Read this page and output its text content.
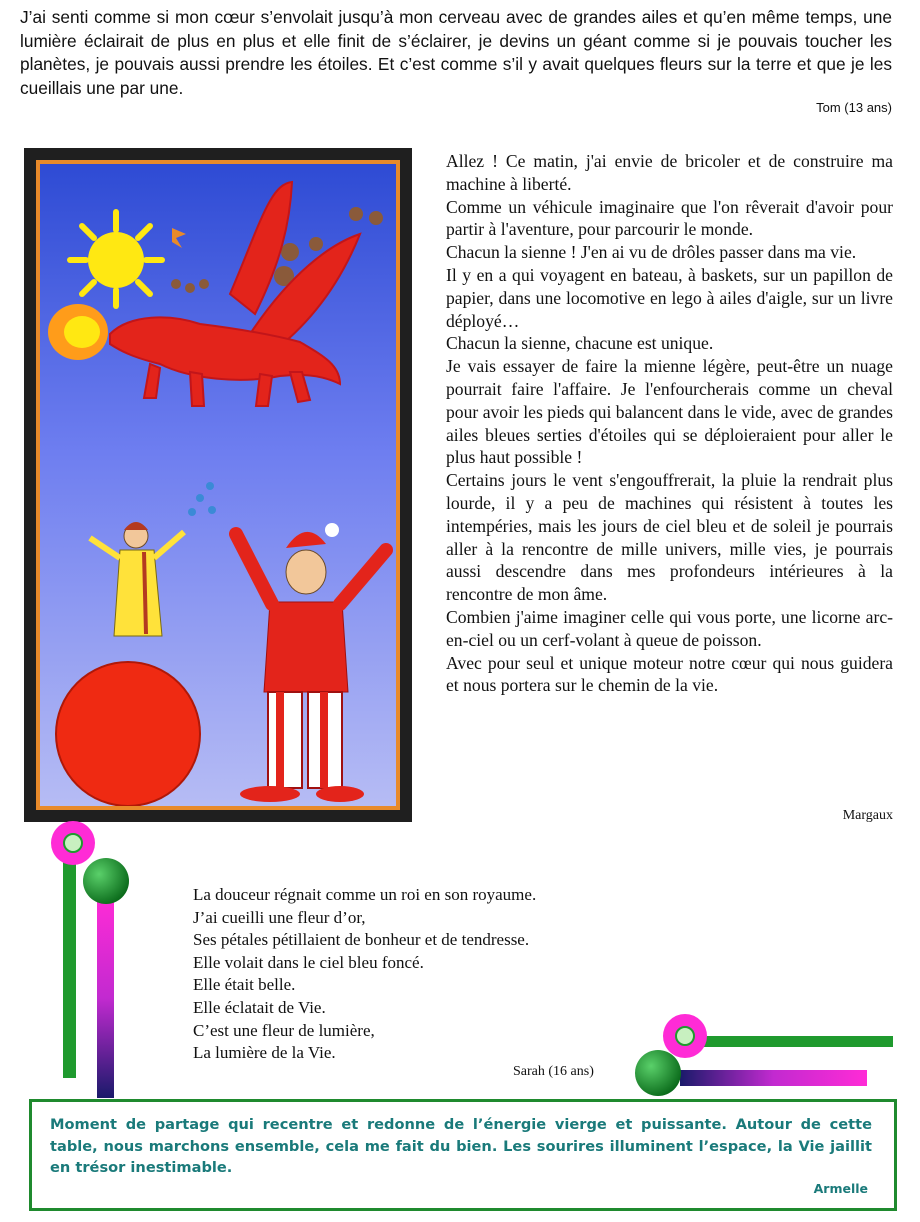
J’ai senti comme si mon cœur s’envolait jusqu’à mon cerveau avec de grandes ailes et qu’en même temps, une lumière éclairait de plus en plus et elle finit de s’éclairer, je devins un géant comme si je pouvais toucher les planètes, je pouvais aussi prendre les étoiles. Et c’est comme s’il y avait quelques fleurs sur la terre et que je les cueillais une par une.
Tom (13 ans)

Allez ! Ce matin, j'ai envie de bricoler et de construire ma machine à liberté.

Comme un véhicule imaginaire que l'on rêverait d'avoir pour partir à l'aventure, pour parcourir le monde.

Chacun la sienne ! J'en ai vu de drôles passer dans ma vie.

Il y en a qui voyagent en bateau, à baskets, sur un papillon de papier, dans une locomotive en lego à ailes d'aigle, sur un livre déployé…

Chacun la sienne, chacune est unique.

Je vais essayer de faire la mienne légère, peut-être un nuage pourrait faire l'affaire. Je l'enfourcherais comme un cheval pour avoir les pieds qui balancent dans le vide, avec de grandes ailes bleues serties d'étoiles qui se déploieraient pour aller le plus haut possible !

Certains jours le vent s'engouffrerait, la pluie la rendrait plus lourde, il y a peu de machines qui résistent à toutes les intempéries, mais les jours de ciel bleu et de soleil je pourrais aller à la rencontre de mille univers, mille vies, je pourrais aussi descendre dans mes profondeurs intérieures à la rencontre de mon âme.

Combien j'aime imaginer celle qui vous porte, une licorne arc-en-ciel ou un cerf-volant à queue de poisson.

Avec pour seul et unique moteur notre cœur qui nous guidera et nous portera sur le chemin de la vie.

Margaux
La douceur régnait comme un roi en son royaume.
J’ai cueilli une fleur d’or,
Ses pétales pétillaient de bonheur et de tendresse.
Elle volait dans le ciel bleu foncé.
Elle était belle.
Elle éclatait de Vie.
C’est une fleur de lumière,
La lumière de la Vie.
Sarah (16 ans)
Moment de partage qui recentre et redonne de l’énergie vierge et puissante. Autour de cette table, nous marchons ensemble, cela me fait du bien. Les sourires illuminent l’espace, la Vie jaillit en trésor inestimable.
Armelle
